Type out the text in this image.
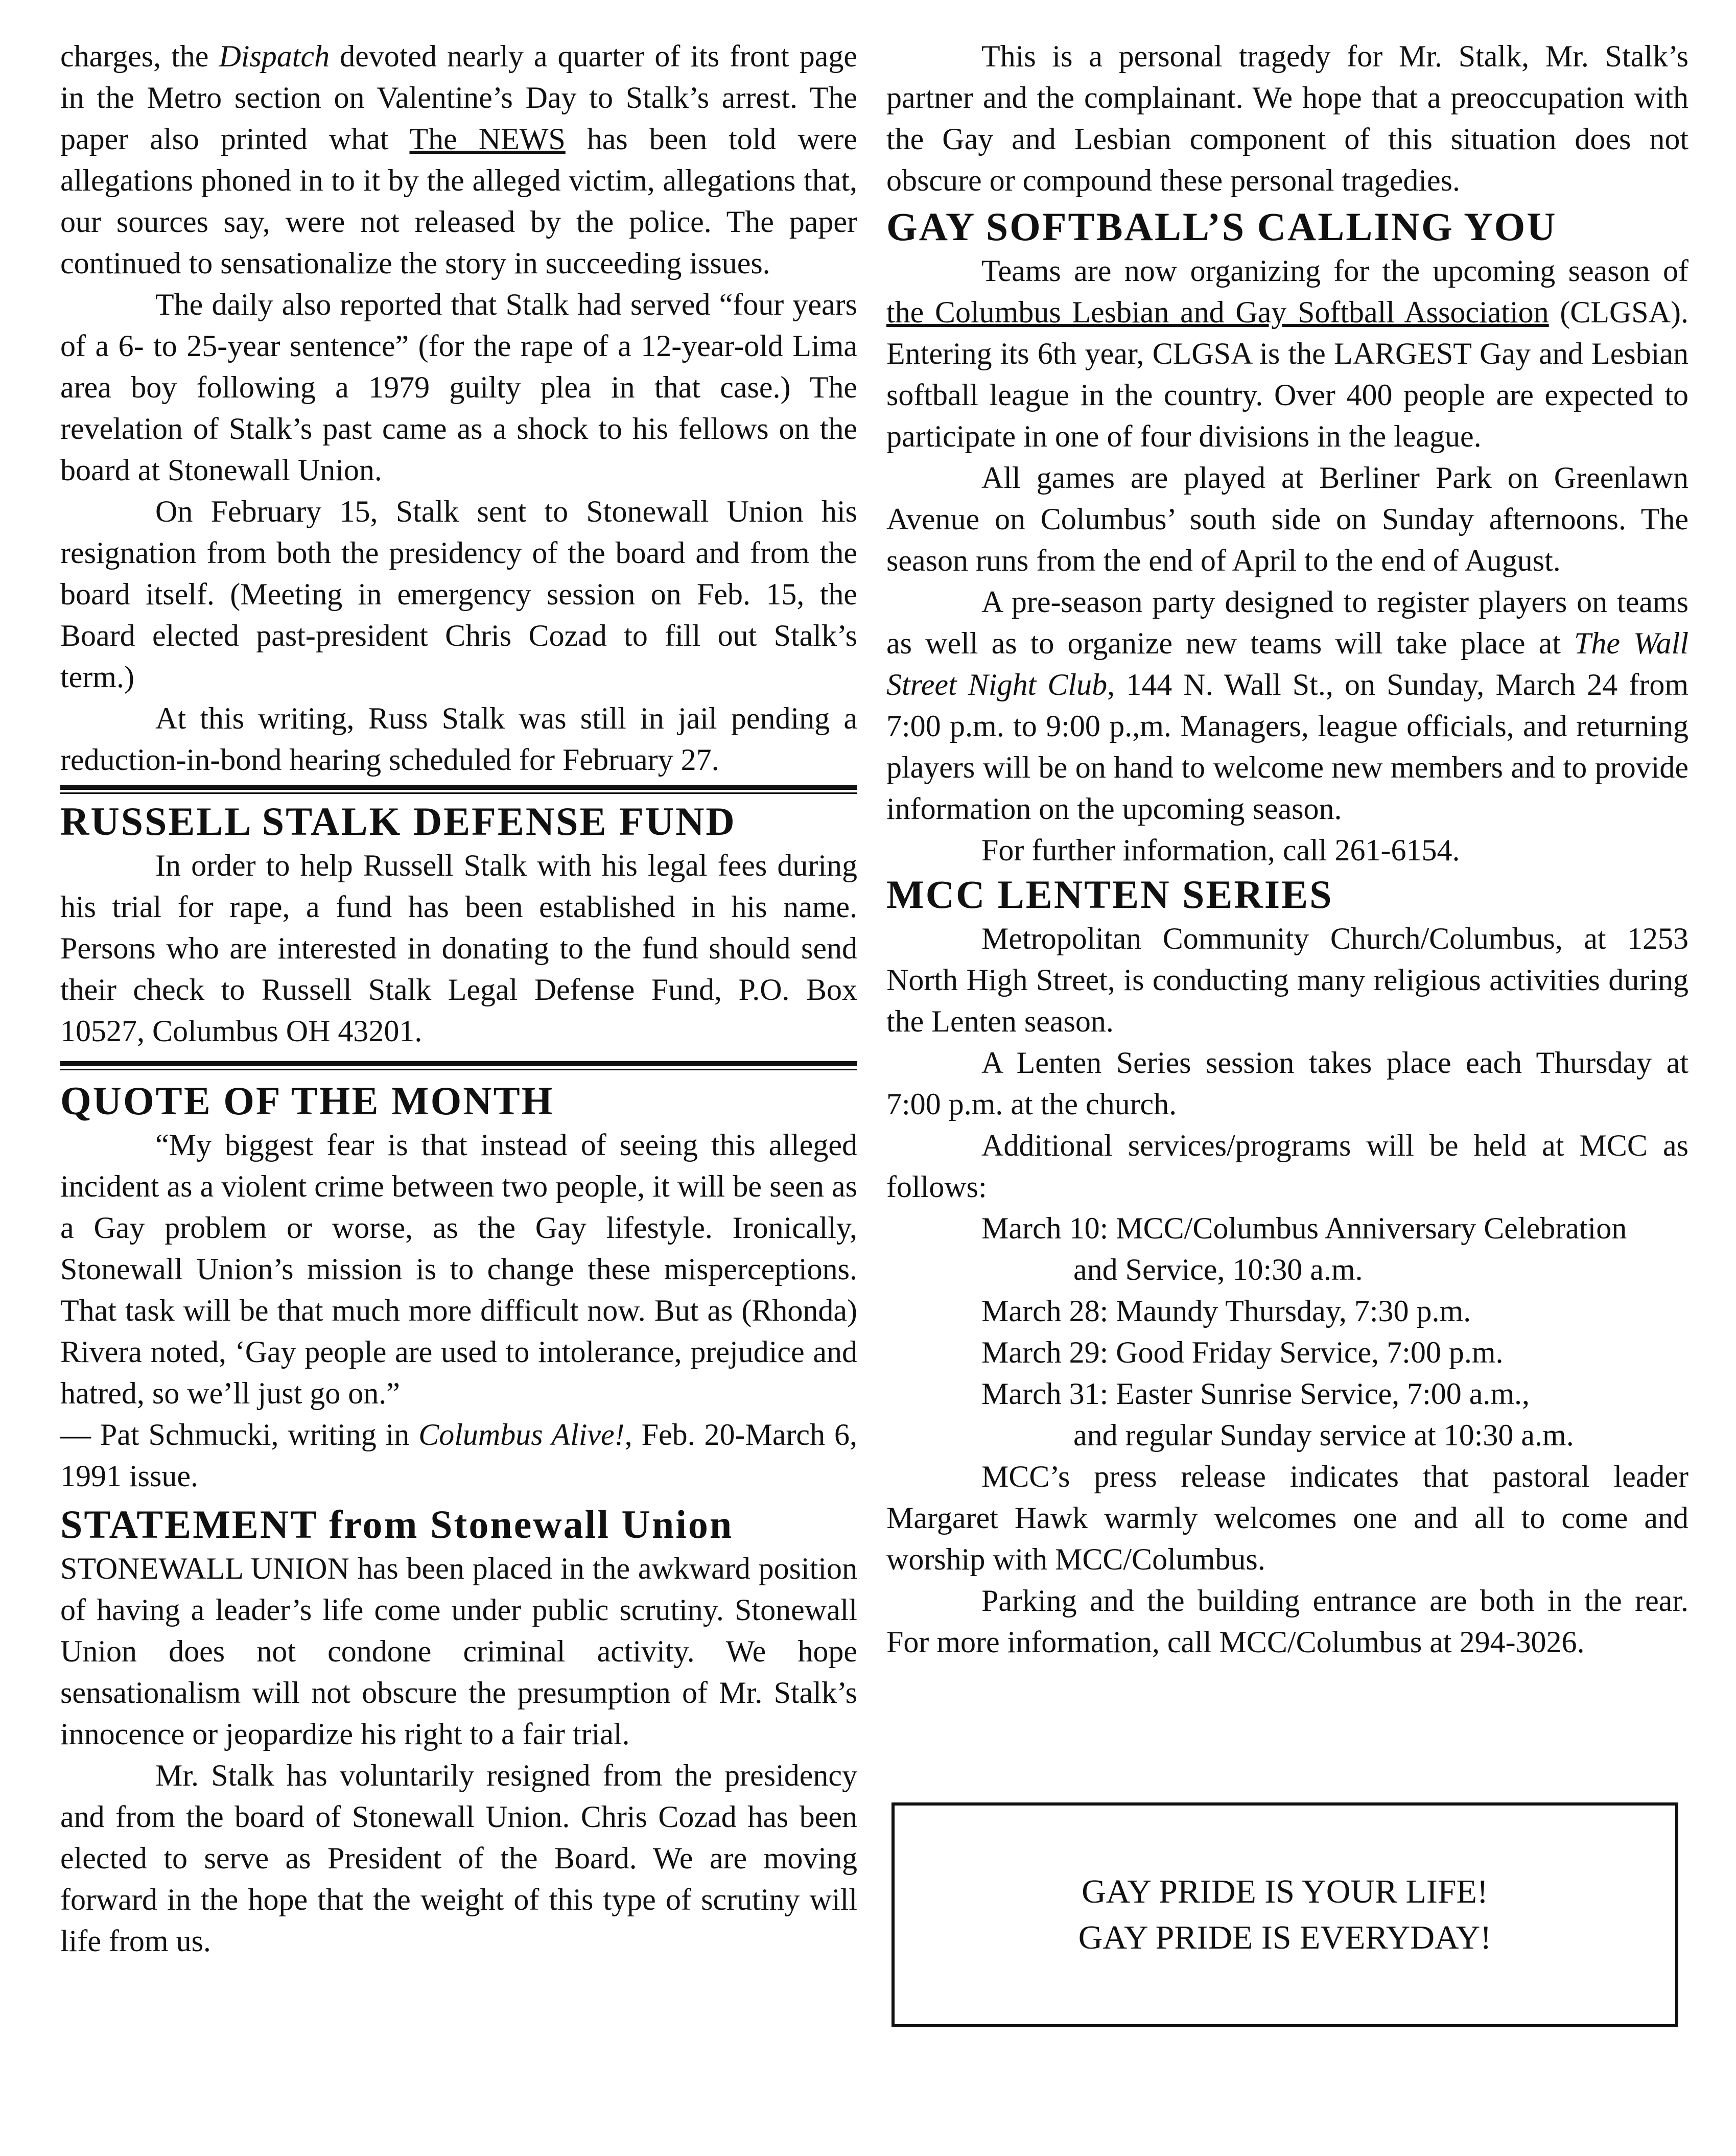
charges, the Dispatch devoted nearly a quarter of its front page in the Metro section on Valentine’s Day to Stalk’s arrest. The paper also printed what The NEWS has been told were allegations phoned in to it by the alleged victim, allegations that, our sources say, were not released by the police. The paper continued to sensationalize the story in succeeding issues.

The daily also reported that Stalk had served “four years of a 6- to 25-year sentence” (for the rape of a 12-year-old Lima area boy following a 1979 guilty plea in that case.) The revelation of Stalk’s past came as a shock to his fellows on the board at Stonewall Union.

On February 15, Stalk sent to Stonewall Union his resignation from both the presidency of the board and from the board itself. (Meeting in emergency session on Feb. 15, the Board elected past-president Chris Cozad to fill out Stalk’s term.)

At this writing, Russ Stalk was still in jail pending a reduction-in-bond hearing scheduled for February 27.

RUSSELL STALK DEFENSE FUND

In order to help Russell Stalk with his legal fees during his trial for rape, a fund has been established in his name. Persons who are interested in donating to the fund should send their check to Russell Stalk Legal Defense Fund, P.O. Box 10527, Columbus OH 43201.

QUOTE OF THE MONTH

“My biggest fear is that instead of seeing this alleged incident as a violent crime between two people, it will be seen as a Gay problem or worse, as the Gay lifestyle. Ironically, Stonewall Union’s mission is to change these misperceptions. That task will be that much more difficult now. But as (Rhonda) Rivera noted, ‘Gay people are used to intolerance, prejudice and hatred, so we’ll just go on.”

— Pat Schmucki, writing in Columbus Alive!, Feb. 20-March 6, 1991 issue.

STATEMENT from Stonewall Union

STONEWALL UNION has been placed in the awkward position of having a leader’s life come under public scrutiny. Stonewall Union does not condone criminal activity. We hope sensationalism will not obscure the presumption of Mr. Stalk’s innocence or jeopardize his right to a fair trial.

Mr. Stalk has voluntarily resigned from the presidency and from the board of Stonewall Union. Chris Cozad has been elected to serve as President of the Board. We are moving forward in the hope that the weight of this type of scrutiny will life from us.

This is a personal tragedy for Mr. Stalk, Mr. Stalk’s partner and the complainant. We hope that a preoccupation with the Gay and Lesbian component of this situation does not obscure or compound these personal tragedies.

GAY SOFTBALL’S CALLING YOU

Teams are now organizing for the upcoming season of the Columbus Lesbian and Gay Softball Association (CLGSA). Entering its 6th year, CLGSA is the LARGEST Gay and Lesbian softball league in the country. Over 400 people are expected to participate in one of four divisions in the league.

All games are played at Berliner Park on Greenlawn Avenue on Columbus’ south side on Sunday afternoons. The season runs from the end of April to the end of August.

A pre-season party designed to register players on teams as well as to organize new teams will take place at The Wall Street Night Club, 144 N. Wall St., on Sunday, March 24 from 7:00 p.m. to 9:00 p.,m. Managers, league officials, and returning players will be on hand to welcome new members and to provide information on the upcoming season.

For further information, call 261-6154.

MCC LENTEN SERIES

Metropolitan Community Church/Columbus, at 1253 North High Street, is conducting many religious activities during the Lenten season.

A Lenten Series session takes place each Thursday at 7:00 p.m. at the church.

Additional services/programs will be held at MCC as follows:

March 10: MCC/Columbus Anniversary Celebration

and Service, 10:30 a.m.

March 28: Maundy Thursday, 7:30 p.m.

March 29: Good Friday Service, 7:00 p.m.

March 31: Easter Sunrise Service, 7:00 a.m.,

and regular Sunday service at 10:30 a.m.

MCC’s press release indicates that pastoral leader Margaret Hawk warmly welcomes one and all to come and worship with MCC/Columbus.

Parking and the building entrance are both in the rear. For more information, call MCC/Columbus at 294-3026.

GAY PRIDE IS YOUR LIFE!
GAY PRIDE IS EVERYDAY!
